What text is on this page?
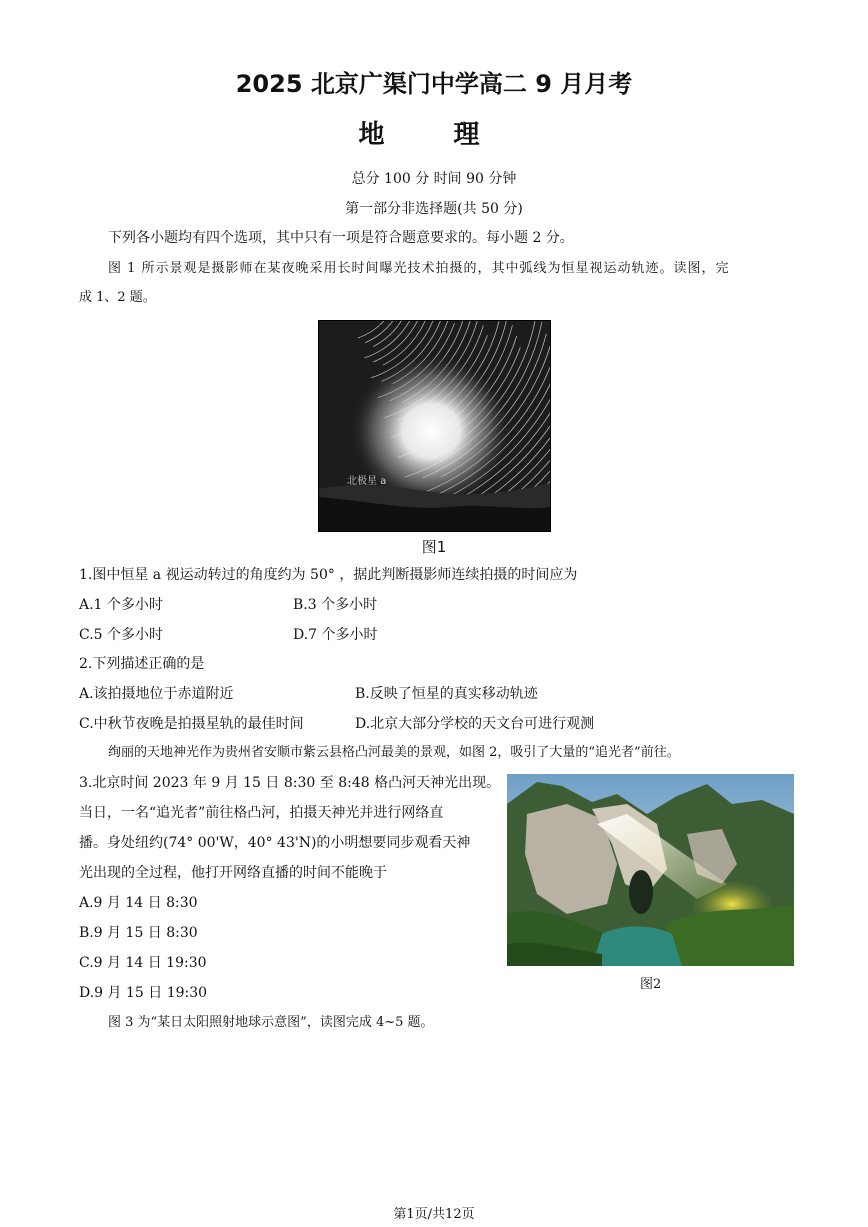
2025 北京广渠门中学高二 9 月月考
地 理
总分 100 分 时间 90 分钟
第一部分非选择题(共 50 分)
下列各小题均有四个选项，其中只有一项是符合题意要求的。每小题 2 分。
图 1 所示景观是摄影师在某夜晚采用长时间曝光技术拍摄的，其中弧线为恒星视运动轨迹。读图，完
成 1、2 题。
北极星 a
图1
1.图中恒星 a 视运动转过的角度约为 50° ，据此判断摄影师连续拍摄的时间应为
A.1 个多小时	B.3 个多小时
C.5 个多小时	D.7 个多小时
2.下列描述正确的是
A.该拍摄地位于赤道附近	B.反映了恒星的真实移动轨迹
C.中秋节夜晚是拍摄星轨的最佳时间	D.北京大部分学校的天文台可进行观测
绚丽的天地神光作为贵州省安顺市紫云县格凸河最美的景观，如图 2，吸引了大量的“追光者”前往。
3.北京时间 2023 年 9 月 15 日 8:30 至 8:48 格凸河天神光出现。
当日，一名“追光者”前往格凸河，拍摄天神光并进行网络直
播。身处纽约(74° 00'W，40° 43'N)的小明想要同步观看天神
光出现的全过程，他打开网络直播的时间不能晚于
A.9 月 14 日 8:30
B.9 月 15 日 8:30
C.9 月 14 日 19:30
D.9 月 15 日 19:30
图2
图 3 为“某日太阳照射地球示意图”，读图完成 4~5 题。
第1页/共12页
